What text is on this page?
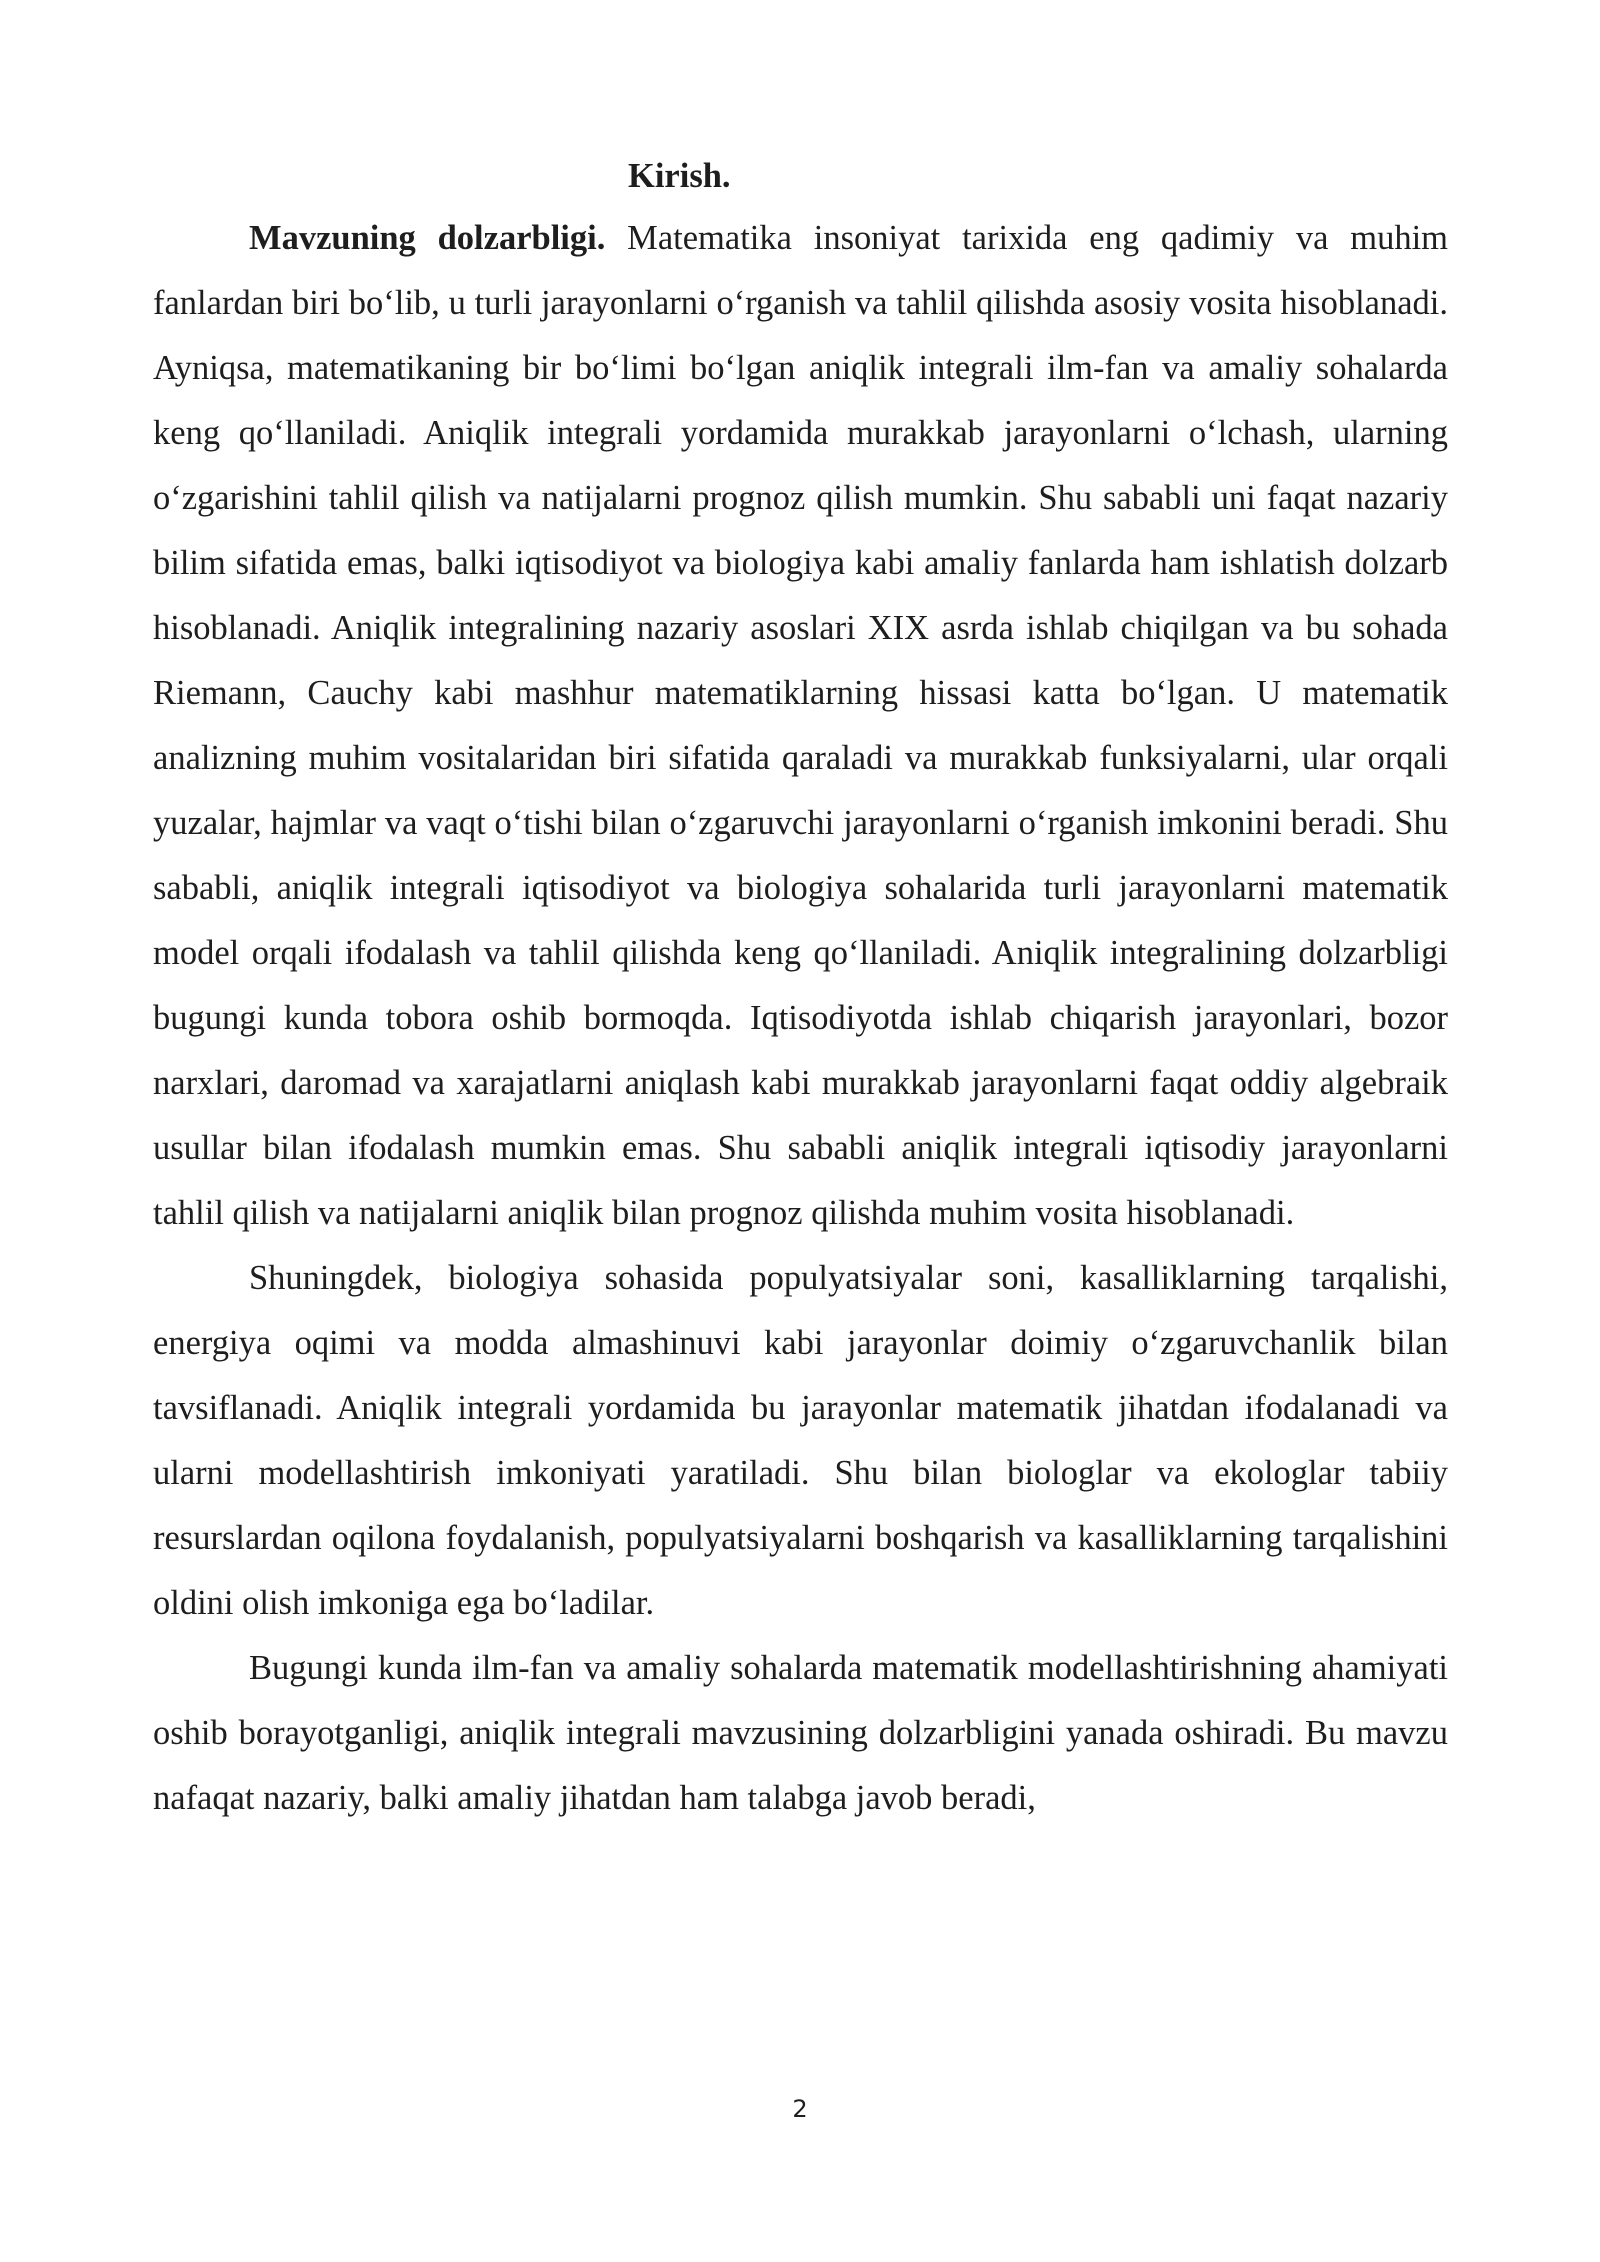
Kirish.

Mavzuning dolzarbligi. Matematika insoniyat tarixida eng qadimiy va muhim fanlardan biri bo‘lib, u turli jarayonlarni o‘rganish va tahlil qilishda asosiy vosita hisoblanadi. Ayniqsa, matematikaning bir bo‘limi bo‘lgan aniqlik integrali ilm-fan va amaliy sohalarda keng qo‘llaniladi. Aniqlik integrali yordamida murakkab jarayonlarni o‘lchash, ularning o‘zgarishini tahlil qilish va natijalarni prognoz qilish mumkin. Shu sababli uni faqat nazariy bilim sifatida emas, balki iqtisodiyot va biologiya kabi amaliy fanlarda ham ishlatish dolzarb hisoblanadi. Aniqlik integralining nazariy asoslari XIX asrda ishlab chiqilgan va bu sohada Riemann, Cauchy kabi mashhur matematiklarning hissasi katta bo‘lgan. U matematik analizning muhim vositalaridan biri sifatida qaraladi va murakkab funksiyalarni, ular orqali yuzalar, hajmlar va vaqt o‘tishi bilan o‘zgaruvchi jarayonlarni o‘rganish imkonini beradi. Shu sababli, aniqlik integrali iqtisodiyot va biologiya sohalarida turli jarayonlarni matematik model orqali ifodalash va tahlil qilishda keng qo‘llaniladi. Aniqlik integralining dolzarbligi bugungi kunda tobora oshib bormoqda. Iqtisodiyotda ishlab chiqarish jarayonlari, bozor narxlari, daromad va xarajatlarni aniqlash kabi murakkab jarayonlarni faqat oddiy algebraik usullar bilan ifodalash mumkin emas. Shu sababli aniqlik integrali iqtisodiy jarayonlarni tahlil qilish va natijalarni aniqlik bilan prognoz qilishda muhim vosita hisoblanadi.

Shuningdek, biologiya sohasida populyatsiyalar soni, kasalliklarning tarqalishi, energiya oqimi va modda almashinuvi kabi jarayonlar doimiy o‘zgaruvchanlik bilan tavsiflanadi. Aniqlik integrali yordamida bu jarayonlar matematik jihatdan ifodalanadi va ularni modellashtirish imkoniyati yaratiladi. Shu bilan biologlar va ekologlar tabiiy resurslardan oqilona foydalanish, populyatsiyalarni boshqarish va kasalliklarning tarqalishini oldini olish imkoniga ega bo‘ladilar.

Bugungi kunda ilm-fan va amaliy sohalarda matematik modellashtirishning ahamiyati oshib borayotganligi, aniqlik integrali mavzusining dolzarbligini yanada oshiradi. Bu mavzu nafaqat nazariy, balki amaliy jihatdan ham talabga javob beradi,

2
